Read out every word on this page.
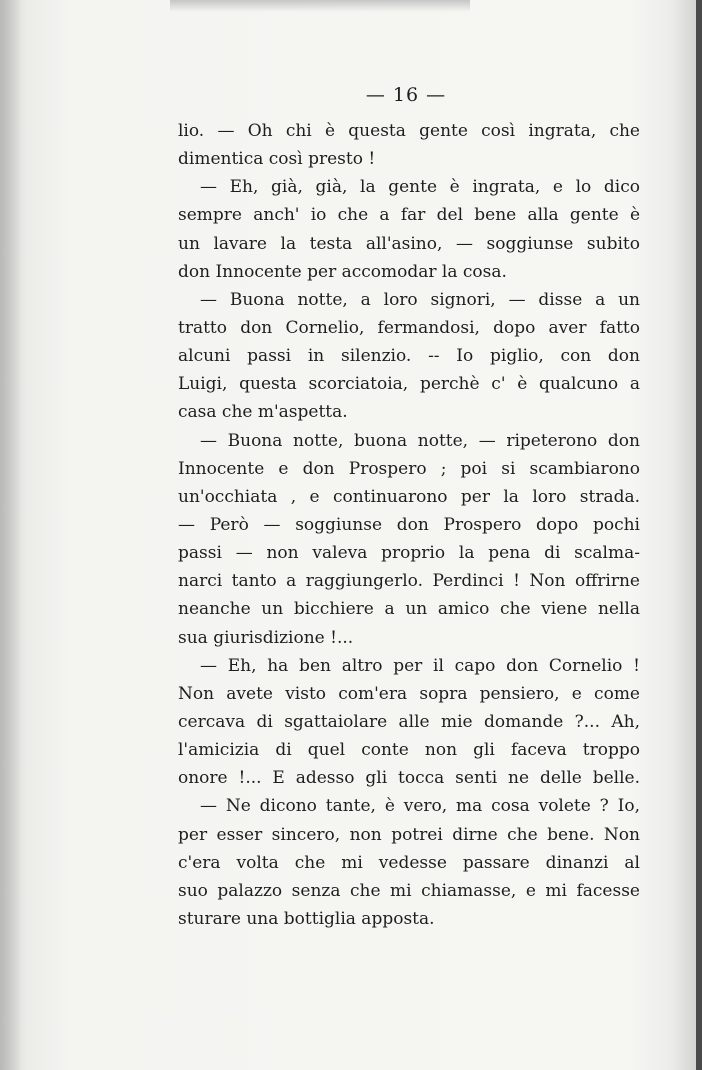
— 16 —
lio. — Oh chi è questa gente così ingrata, che
dimentica così presto !
— Eh, già, già, la gente è ingrata, e lo dico
sempre anch' io che a far del bene alla gente è
un lavare la testa all'asino, — soggiunse subito
don Innocente per accomodar la cosa.
— Buona notte, a loro signori, — disse a un
tratto don Cornelio, fermandosi, dopo aver fatto
alcuni passi in silenzio. -- Io piglio, con don
Luigi, questa scorciatoia, perchè c' è qualcuno a
casa che m'aspetta.
— Buona notte, buona notte, — ripeterono don
Innocente e don Prospero ; poi si scambiarono
un'occhiata , e continuarono per la loro strada.
— Però — soggiunse don Prospero dopo pochi
passi — non valeva proprio la pena di scalma-
narci tanto a raggiungerlo. Perdinci ! Non offrirne
neanche un bicchiere a un amico che viene nella
sua giurisdizione !...
— Eh, ha ben altro per il capo don Cornelio !
Non avete visto com'era sopra pensiero, e come
cercava di sgattaiolare alle mie domande ?... Ah,
l'amicizia di quel conte non gli faceva troppo
onore !... E adesso gli tocca senti ne delle belle.
— Ne dicono tante, è vero, ma cosa volete ? Io,
per esser sincero, non potrei dirne che bene. Non
c'era volta che mi vedesse passare dinanzi al
suo palazzo senza che mi chiamasse, e mi facesse
sturare una bottiglia apposta.
